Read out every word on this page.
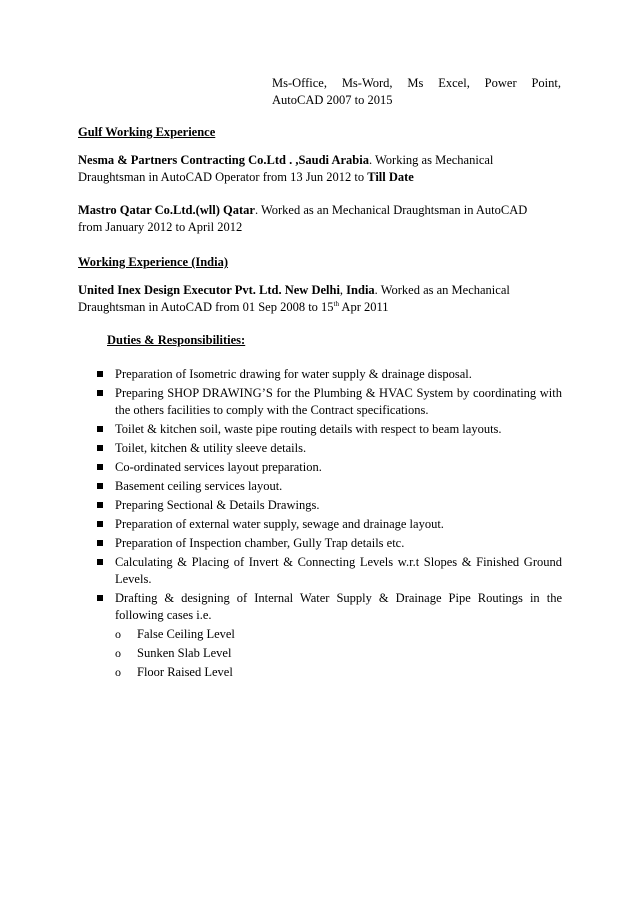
Ms-Office, Ms-Word, Ms Excel, Power Point,
AutoCAD 2007 to 2015
Gulf Working Experience
Nesma & Partners Contracting Co.Ltd . ,Saudi Arabia. Working as Mechanical
Draughtsman in AutoCAD Operator from 13 Jun 2012 to Till Date
Mastro Qatar Co.Ltd.(wll) Qatar. Worked as an Mechanical Draughtsman in AutoCAD
from January 2012 to April 2012
Working Experience (India)
United Inex Design Executor Pvt. Ltd. New Delhi, India. Worked as an Mechanical
Draughtsman in AutoCAD from 01 Sep 2008 to 15th Apr 2011
Duties & Responsibilities:
Preparation of Isometric drawing for water supply & drainage disposal.
Preparing SHOP DRAWING’S for the Plumbing & HVAC System by coordinating with the others facilities to comply with the Contract specifications.
Toilet & kitchen soil, waste pipe routing details with respect to beam layouts.
Toilet, kitchen & utility sleeve details.
Co-ordinated services layout preparation.
Basement ceiling services layout.
Preparing Sectional & Details Drawings.
Preparation of external water supply, sewage and drainage layout.
Preparation of Inspection chamber, Gully Trap details etc.
Calculating & Placing of Invert & Connecting Levels w.r.t Slopes & Finished Ground Levels.
Drafting & designing of Internal Water Supply & Drainage Pipe Routings in the following cases i.e.
o False Ceiling Level
o Sunken Slab Level
o Floor Raised Level
